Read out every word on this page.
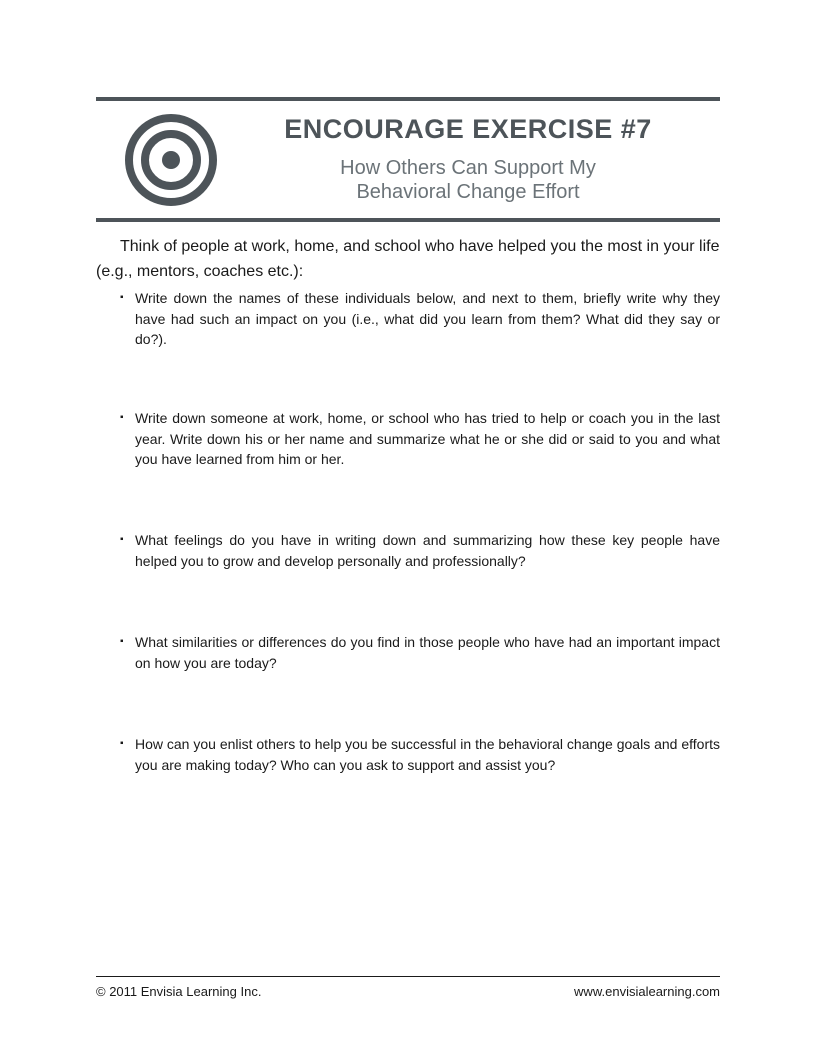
ENCOURAGE EXERCISE #7
How Others Can Support My
Behavioral Change Effort

Think of people at work, home, and school who have helped you the most in your life (e.g., mentors, coaches etc.):

▪ Write down the names of these individuals below, and next to them, briefly write why they have had such an impact on you (i.e., what did you learn from them? What did they say or do?).
▪ Write down someone at work, home, or school who has tried to help or coach you in the last year. Write down his or her name and summarize what he or she did or said to you and what you have learned from him or her.
▪ What feelings do you have in writing down and summarizing how these key people have helped you to grow and develop personally and professionally?
▪ What similarities or differences do you find in those people who have had an important impact on how you are today?
▪ How can you enlist others to help you be successful in the behavioral change goals and efforts you are making today? Who can you ask to support and assist you?
© 2011 Envisia Learning Inc.	www.envisialearning.com
